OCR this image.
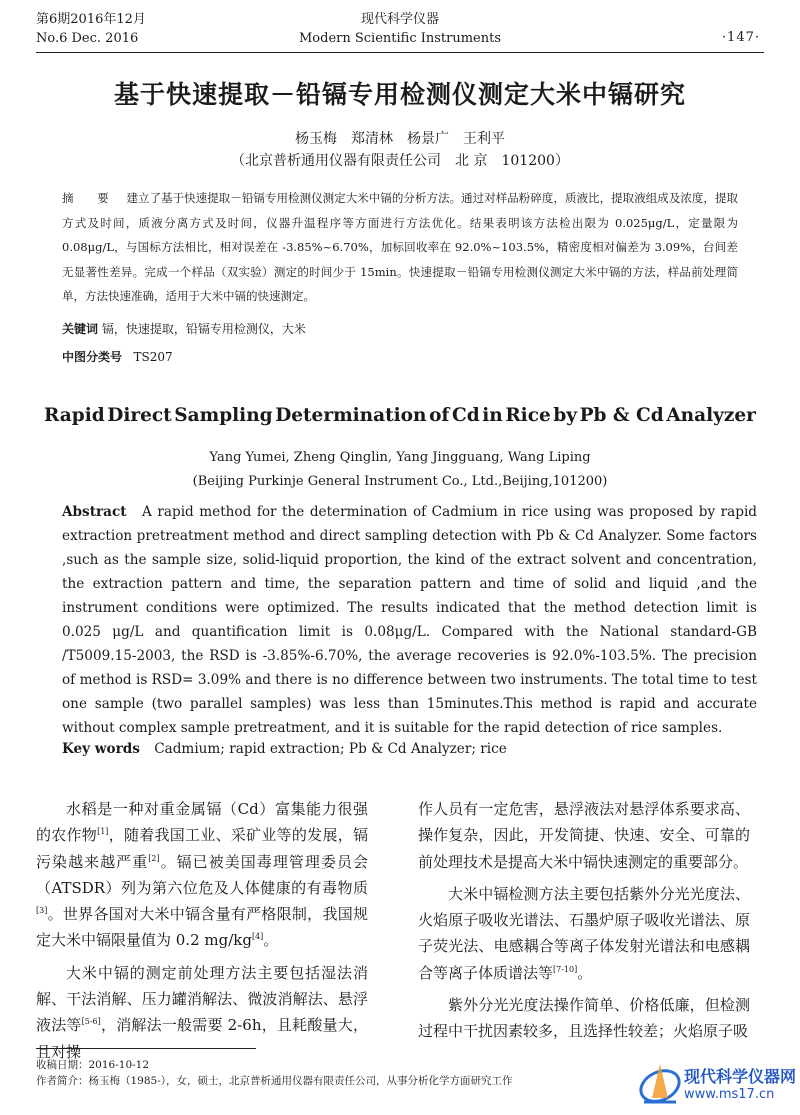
第6期2016年12月
No.6 Dec. 2016
现代科学仪器
Modern Scientific Instruments	·147·
基于快速提取－铅镉专用检测仪测定大米中镉研究
杨玉梅　郑清林　杨景广　王利平
（北京普析通用仪器有限责任公司　北 京　101200）
摘 要 建立了基于快速提取－铅镉专用检测仪测定大米中镉的分析方法。通过对样品粉碎度，质液比，提取液组成及浓度，提取方式及时间，质液分离方式及时间，仪器升温程序等方面进行方法优化。结果表明该方法检出限为 0.025μg/L，定量限为 0.08μg/L，与国标方法相比，相对误差在 -3.85%~6.70%，加标回收率在 92.0%~103.5%，精密度相对偏差为 3.09%，台间差无显著性差异。完成一个样品（双实验）测定的时间少于 15min。快速提取－铅镉专用检测仪测定大米中镉的方法，样品前处理简单，方法快速准确，适用于大米中镉的快速测定。
关键词 镉，快速提取，铅镉专用检测仪，大米
中图分类号 TS207
Rapid Direct Sampling Determination of Cd in Rice by Pb & Cd Analyzer
Yang Yumei, Zheng Qinglin, Yang Jingguang, Wang Liping
(Beijing Purkinje General Instrument Co., Ltd.,Beijing,101200)
Abstract A rapid method for the determination of Cadmium in rice using was proposed by rapid extraction pretreatment method and direct sampling detection with Pb & Cd Analyzer. Some factors ,such as the sample size, solid-liquid proportion, the kind of the extract solvent and concentration, the extraction pattern and time, the separation pattern and time of solid and liquid ,and the instrument conditions were optimized. The results indicated that the method detection limit is 0.025 μg/L and quantification limit is 0.08μg/L. Compared with the National standard-GB /T5009.15-2003, the RSD is -3.85%-6.70%, the average recoveries is 92.0%-103.5%. The precision of method is RSD= 3.09% and there is no difference between two instruments. The total time to test one sample (two parallel samples) was less than 15minutes.This method is rapid and accurate without complex sample pretreatment, and it is suitable for the rapid detection of rice samples.
Key words Cadmium; rapid extraction; Pb & Cd Analyzer; rice

水稻是一种对重金属镉（Cd）富集能力很强的农作物[1]，随着我国工业、采矿业等的发展，镉污染越来越严重[2]。镉已被美国毒理管理委员会（ATSDR）列为第六位危及人体健康的有毒物质[3]。世界各国对大米中镉含量有严格限制，我国规定大米中镉限量值为 0.2 mg/kg[4]。

大米中镉的测定前处理方法主要包括湿法消解、干法消解、压力罐消解法、微波消解法、悬浮液法等[5-6]，消解法一般需要 2-6h，且耗酸量大，且对操

作人员有一定危害，悬浮液法对悬浮体系要求高、操作复杂，因此，开发简捷、快速、安全、可靠的前处理技术是提高大米中镉快速测定的重要部分。

大米中镉检测方法主要包括紫外分光光度法、火焰原子吸收光谱法、石墨炉原子吸收光谱法、原子荧光法、电感耦合等离子体发射光谱法和电感耦合等离子体质谱法等[7-10]。

紫外分光光度法操作简单、价格低廉，但检测过程中干扰因素较多，且选择性较差；火焰原子吸

收稿日期：2016-10-12
作者简介：杨玉梅（1985-），女，硕士，北京普析通用仪器有限责任公司，从事分析化学方面研究工作	现代科学仪器网
www.ms17.cn
